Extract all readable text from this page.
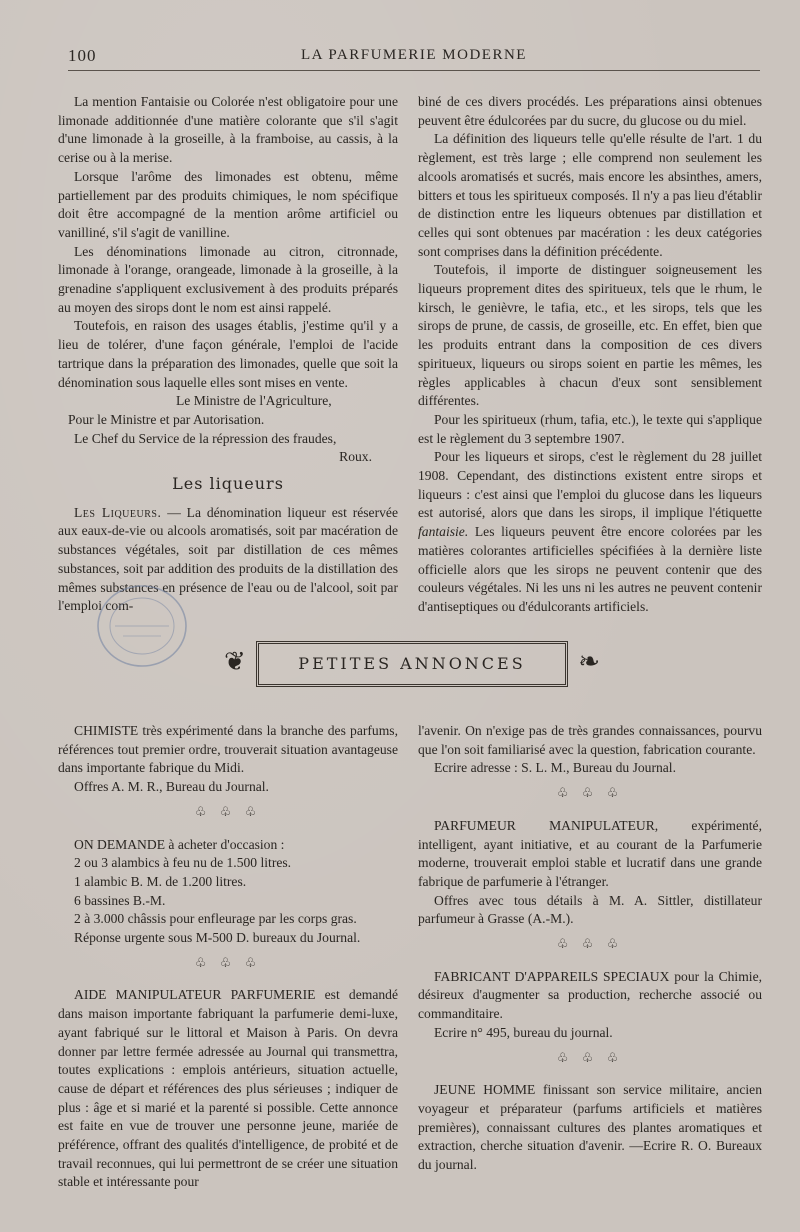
100	LA PARFUMERIE MODERNE

La mention Fantaisie ou Colorée n'est obligatoire pour une limonade additionnée d'une matière colorante que s'il s'agit d'une limonade à la groseille, à la framboise, au cassis, à la cerise ou à la merise.

Lorsque l'arôme des limonades est obtenu, même partiellement par des produits chimiques, le nom spécifique doit être accompagné de la mention arôme artificiel ou vanilliné, s'il s'agit de vanilline.

Les dénominations limonade au citron, citronnade, limonade à l'orange, orangeade, limonade à la groseille, à la grenadine s'appliquent exclusivement à des produits préparés au moyen des sirops dont le nom est ainsi rappelé.

Toutefois, en raison des usages établis, j'estime qu'il y a lieu de tolérer, d'une façon générale, l'emploi de l'acide tartrique dans la préparation des limonades, quelle que soit la dénomination sous laquelle elles sont mises en vente.

Le Ministre de l'Agriculture,

Pour le Ministre et par Autorisation.

Le Chef du Service de la répression des fraudes,

Roux.

Les liqueurs

Les Liqueurs. — La dénomination liqueur est réservée aux eaux-de-vie ou alcools aromatisés, soit par macération de substances végétales, soit par distillation de ces mêmes substances, soit par addition des produits de la distillation des mêmes substances en présence de l'eau ou de l'alcool, soit par l'emploi com-

biné de ces divers procédés. Les préparations ainsi obtenues peuvent être édulcorées par du sucre, du glucose ou du miel.

La définition des liqueurs telle qu'elle résulte de l'art. 1 du règlement, est très large ; elle comprend non seulement les alcools aromatisés et sucrés, mais encore les absinthes, amers, bitters et tous les spiritueux composés. Il n'y a pas lieu d'établir de distinction entre les liqueurs obtenues par distillation et celles qui sont obtenues par macération : les deux catégories sont comprises dans la définition précédente.

Toutefois, il importe de distinguer soigneusement les liqueurs proprement dites des spiritueux, tels que le rhum, le kirsch, le genièvre, le tafia, etc., et les sirops, tels que les sirops de prune, de cassis, de groseille, etc. En effet, bien que les produits entrant dans la composition de ces divers spiritueux, liqueurs ou sirops soient en partie les mêmes, les règles applicables à chacun d'eux sont sensiblement différentes.

Pour les spiritueux (rhum, tafia, etc.), le texte qui s'applique est le règlement du 3 septembre 1907.

Pour les liqueurs et sirops, c'est le règlement du 28 juillet 1908. Cependant, des distinctions existent entre sirops et liqueurs : c'est ainsi que l'emploi du glucose dans les liqueurs est autorisé, alors que dans les sirops, il implique l'étiquette fantaisie. Les liqueurs peuvent être encore colorées par les matières colorantes artificielles spécifiées à la dernière liste officielle alors que les sirops ne peuvent contenir que des couleurs végétales. Ni les uns ni les autres ne peuvent contenir d'antiseptiques ou d'édulcorants artificiels.

❦	PETITES ANNONCES	❧

CHIMISTE très expérimenté dans la branche des parfums, références tout premier ordre, trouverait situation avantageuse dans importante fabrique du Midi.

Offres A. M. R., Bureau du Journal.

♧ ♧ ♧

ON DEMANDE à acheter d'occasion :

2 ou 3 alambics à feu nu de 1.500 litres.

1 alambic B. M. de 1.200 litres.

6 bassines B.-M.

2 à 3.000 châssis pour enfleurage par les corps gras.

Réponse urgente sous M-500 D. bureaux du Journal.

♧ ♧ ♧

AIDE MANIPULATEUR PARFUMERIE est demandé dans maison importante fabriquant la parfumerie demi-luxe, ayant fabriqué sur le littoral et Maison à Paris. On devra donner par lettre fermée adressée au Journal qui transmettra, toutes explications : emplois antérieurs, situation actuelle, cause de départ et références des plus sérieuses ; indiquer de plus : âge et si marié et la parenté si possible. Cette annonce est faite en vue de trouver une personne jeune, mariée de préférence, offrant des qualités d'intelligence, de probité et de travail reconnues, qui lui permettront de se créer une situation stable et intéressante pour

l'avenir. On n'exige pas de très grandes connaissances, pourvu que l'on soit familiarisé avec la question, fabrication courante.

Ecrire adresse : S. L. M., Bureau du Journal.

♧ ♧ ♧

PARFUMEUR MANIPULATEUR, expérimenté, intelligent, ayant initiative, et au courant de la Parfumerie moderne, trouverait emploi stable et lucratif dans une grande fabrique de parfumerie à l'étranger.

Offres avec tous détails à M. A. Sittler, distillateur parfumeur à Grasse (A.-M.).

♧ ♧ ♧

FABRICANT D'APPAREILS SPECIAUX pour la Chimie, désireux d'augmenter sa production, recherche associé ou commanditaire.

Ecrire n° 495, bureau du journal.

♧ ♧ ♧

JEUNE HOMME finissant son service militaire, ancien voyageur et préparateur (parfums artificiels et matières premières), connaissant cultures des plantes aromatiques et extraction, cherche situation d'avenir. —Ecrire R. O. Bureaux du journal.
